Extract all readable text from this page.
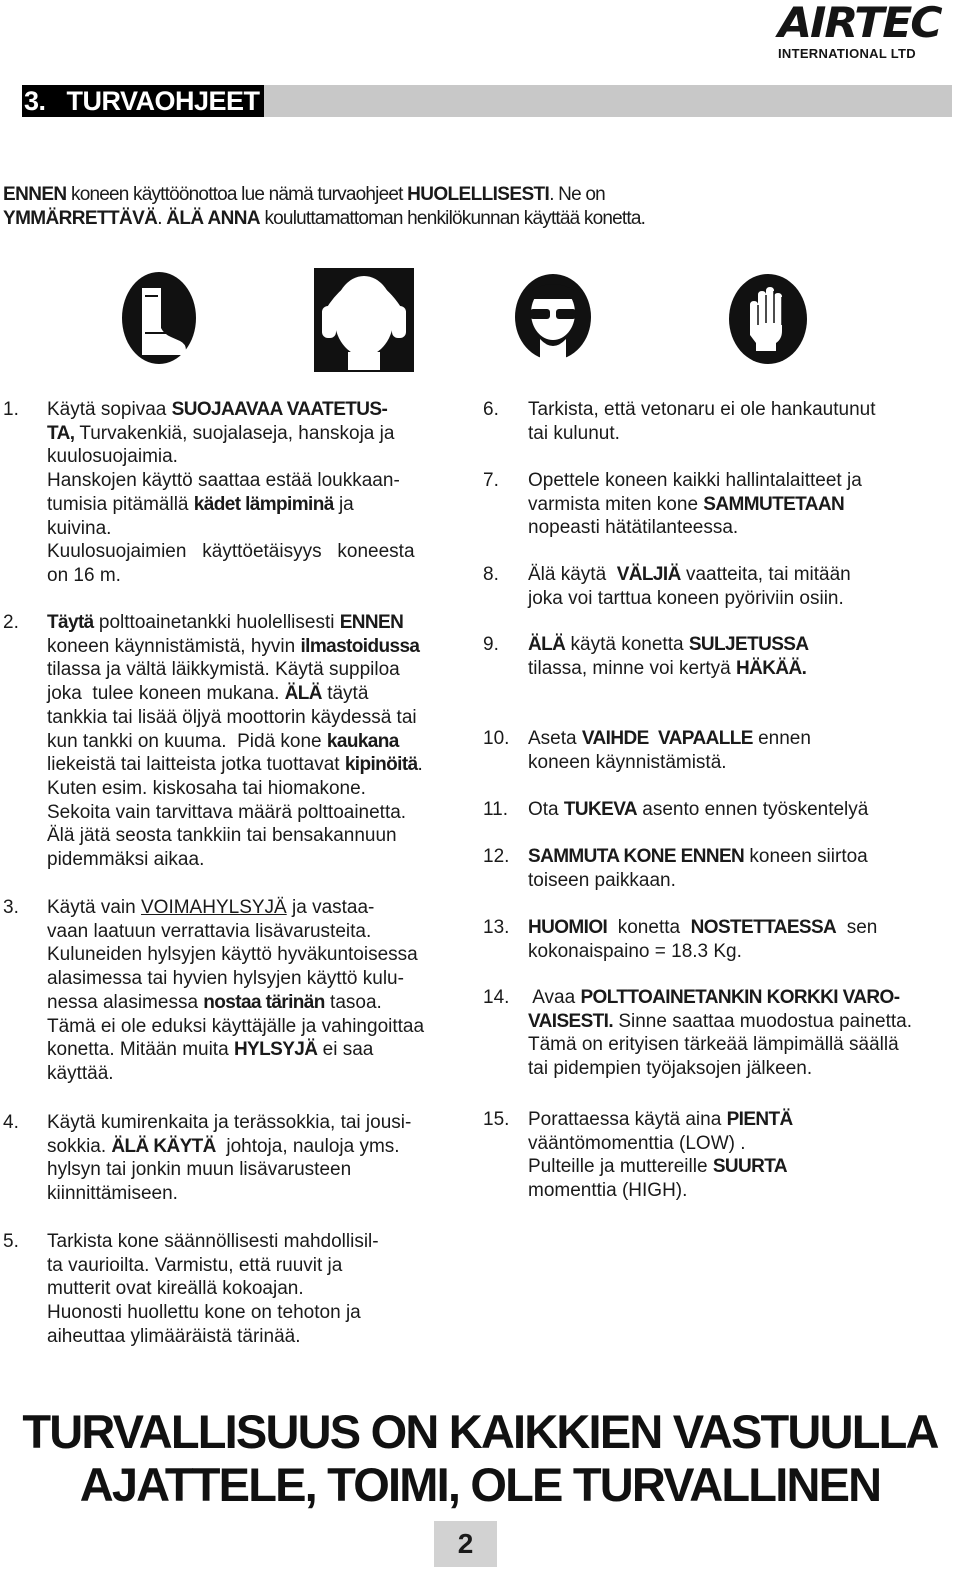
AIRTEC
INTERNATIONAL LTD
3.   TURVAOHJEET
ENNEN koneen käyttöönottoa lue nämä turvaohjeet HUOLELLISESTI. Ne on
YMMÄRRETTÄVÄ. ÄLÄ ANNA kouluttamattoman henkilökunnan käyttää konetta.
1. Käytä sopivaa SUOJAAVAA VAATETUS-
TA, Turvakenkiä, suojalaseja, hanskoja ja
kuulosuojaimia.
Hanskojen käyttö saattaa estää loukkaan-
tumisia pitämällä kädet lämpiminä ja
kuivina.
Kuulosuojaimien   käyttöetäisyys   koneesta
on 16 m.
2. Täytä polttoainetankki huolellisesti ENNEN
koneen käynnistämistä, hyvin ilmastoidussa
tilassa ja vältä läikkymistä. Käytä suppiloa
joka  tulee koneen mukana. ÄLÄ täytä
tankkia tai lisää öljyä moottorin käydessä tai
kun tankki on kuuma.  Pidä kone kaukana
liekeistä tai laitteista jotka tuottavat kipinöitä.
Kuten esim. kiskosaha tai hiomakone.
Sekoita vain tarvittava määrä polttoainetta.
Älä jätä seosta tankkiin tai bensakannuun
pidemmäksi aikaa.
3. Käytä vain VOIMAHYLSYJÄ ja vastaa-
vaan laatuun verrattavia lisävarusteita.
Kuluneiden hylsyjen käyttö hyväkuntoisessa
alasimessa tai hyvien hylsyjen käyttö kulu-
nessa alasimessa nostaa tärinän tasoa.
Tämä ei ole eduksi käyttäjälle ja vahingoittaa
konetta. Mitään muita HYLSYJÄ ei saa
käyttää.
4. Käytä kumirenkaita ja terässokkia, tai jousi-
sokkia. ÄLÄ KÄYTÄ  johtoja, nauloja yms.
hylsyn tai jonkin muun lisävarusteen
kiinnittämiseen.
5. Tarkista kone säännöllisesti mahdollisil-
ta vaurioilta. Varmistu, että ruuvit ja
mutterit ovat kireällä kokoajan.
Huonosti huollettu kone on tehoton ja
aiheuttaa ylimääräistä tärinää.
6. Tarkista, että vetonaru ei ole hankautunut
tai kulunut.
7. Opettele koneen kaikki hallintalaitteet ja
varmista miten kone SAMMUTETAAN
nopeasti hätätilanteessa.
8. Älä käytä  VÄLJIÄ vaatteita, tai mitään
joka voi tarttua koneen pyöriviin osiin.
9. ÄLÄ käytä konetta SULJETUSSA
tilassa, minne voi kertyä HÄKÄÄ.
10. Aseta VAIHDE  VAPAALLE ennen
koneen käynnistämistä.
11. Ota TUKEVA asento ennen työskentelyä
12. SAMMUTA KONE ENNEN koneen siirtoa
toiseen paikkaan.
13. HUOMIOI  konetta  NOSTETTAESSA  sen
kokonaispaino = 18.3 Kg.
14. Avaa POLTTOAINETANKIN KORKKI VARO-
VAISESTI. Sinne saattaa muodostua painetta.
Tämä on erityisen tärkeää lämpimällä säällä
tai pidempien työjaksojen jälkeen.
15. Porattaessa käytä aina PIENTÄ
vääntömomenttia (LOW) .
Pulteille ja muttereille SUURTA
momenttia (HIGH).
TURVALLISUUS ON KAIKKIEN VASTUULLA
AJATTELE, TOIMI, OLE TURVALLINEN
2
